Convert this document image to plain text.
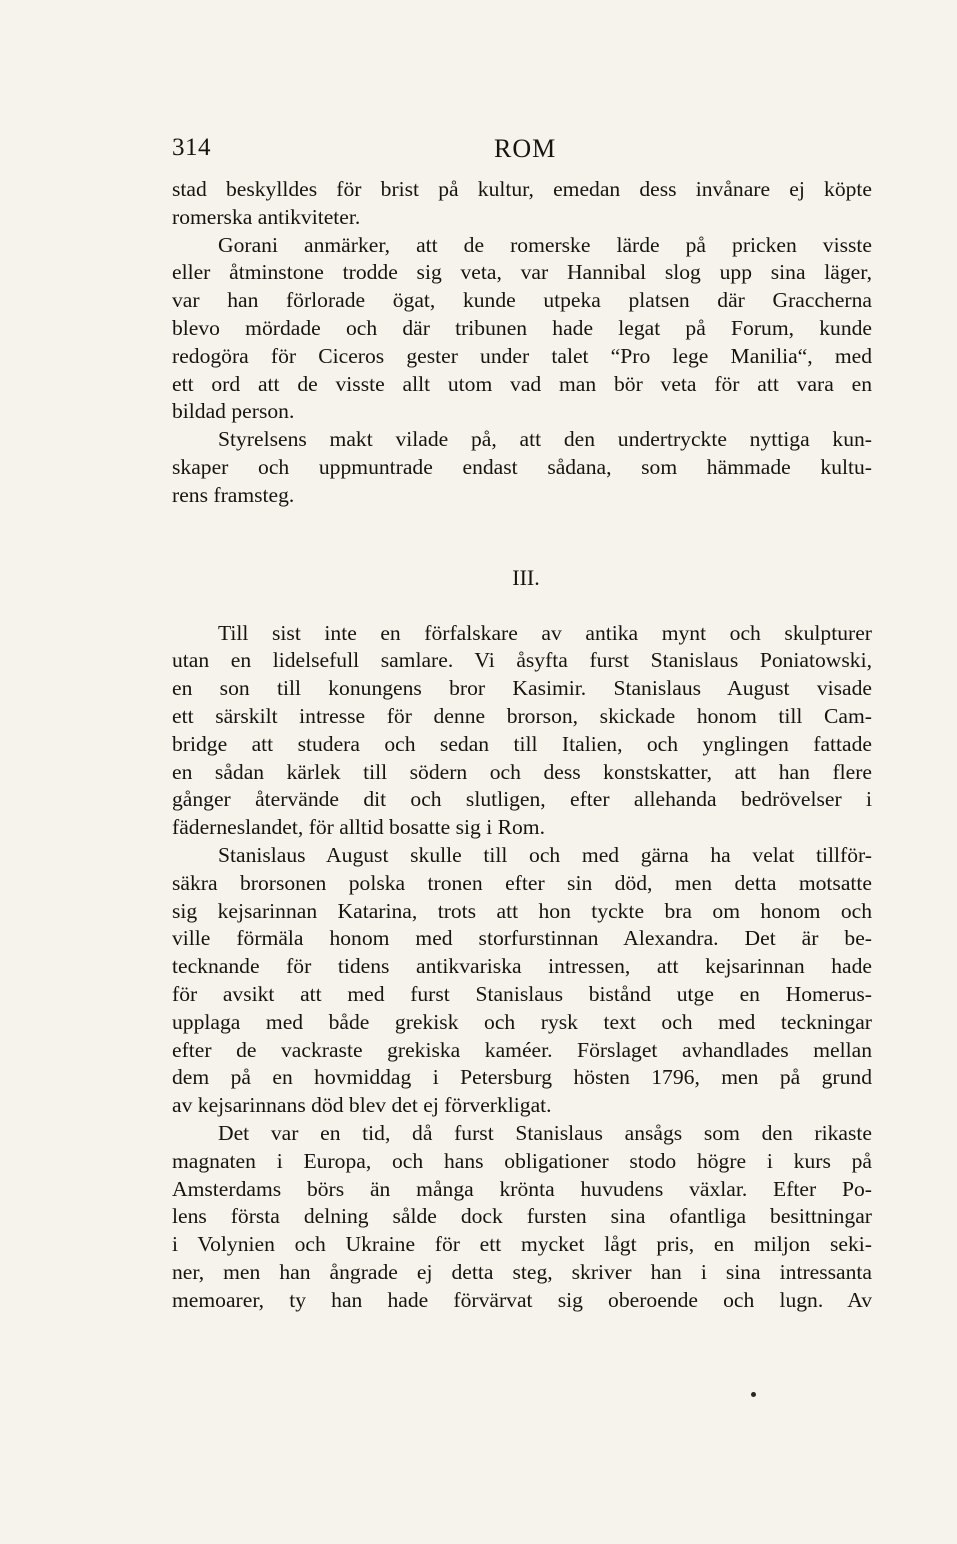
314	ROM
stad beskylldes för brist på kultur, emedan dess invånare ej köpte
romerska antikviteter.
Gorani anmärker, att de romerske lärde på pricken visste
eller åtminstone trodde sig veta, var Hannibal slog upp sina läger,
var han förlorade ögat, kunde utpeka platsen där Graccherna
blevo mördade och där tribunen hade legat på Forum, kunde
redogöra för Ciceros gester under talet “Pro lege Manilia“, med
ett ord att de visste allt utom vad man bör veta för att vara en
bildad person.
Styrelsens makt vilade på, att den undertryckte nyttiga kun-
skaper och uppmuntrade endast sådana, som hämmade kultu-
rens framsteg.
III.
Till sist inte en förfalskare av antika mynt och skulpturer
utan en lidelsefull samlare. Vi åsyfta furst Stanislaus Poniatowski,
en son till konungens bror Kasimir. Stanislaus August visade
ett särskilt intresse för denne brorson, skickade honom till Cam-
bridge att studera och sedan till Italien, och ynglingen fattade
en sådan kärlek till södern och dess konstskatter, att han flere
gånger återvände dit och slutligen, efter allehanda bedrövelser i
fäderneslandet, för alltid bosatte sig i Rom.
Stanislaus August skulle till och med gärna ha velat tillför-
säkra brorsonen polska tronen efter sin död, men detta motsatte
sig kejsarinnan Katarina, trots att hon tyckte bra om honom och
ville förmäla honom med storfurstinnan Alexandra. Det är be-
tecknande för tidens antikvariska intressen, att kejsarinnan hade
för avsikt att med furst Stanislaus bistånd utge en Homerus-
upplaga med både grekisk och rysk text och med teckningar
efter de vackraste grekiska kaméer. Förslaget avhandlades mellan
dem på en hovmiddag i Petersburg hösten 1796, men på grund
av kejsarinnans död blev det ej förverkligat.
Det var en tid, då furst Stanislaus ansågs som den rikaste
magnaten i Europa, och hans obligationer stodo högre i kurs på
Amsterdams börs än många krönta huvudens växlar. Efter Po-
lens första delning sålde dock fursten sina ofantliga besittningar
i Volynien och Ukraine för ett mycket lågt pris, en miljon seki-
ner, men han ångrade ej detta steg, skriver han i sina intressanta
memoarer, ty han hade förvärvat sig oberoende och lugn. Av
